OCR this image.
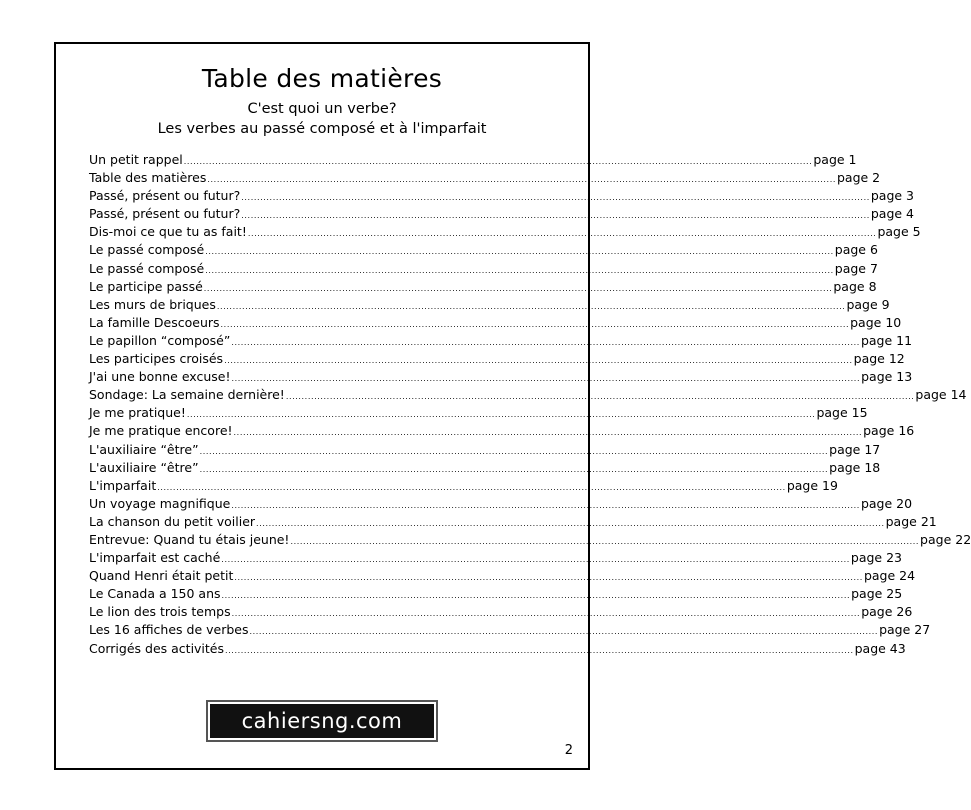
Table des matières
C'est quoi un verbe?
Les verbes au passé composé et à l'imparfait
Un petit rappel ........................................................................................................................................................................................................ page 1
Table des matières ........................................................................................................................................................................................................ page 2
Passé, présent ou futur? ........................................................................................................................................................................................................ page 3
Passé, présent ou futur? ........................................................................................................................................................................................................ page 4
Dis-moi ce que tu as fait! ........................................................................................................................................................................................................ page 5
Le passé composé ........................................................................................................................................................................................................ page 6
Le passé composé ........................................................................................................................................................................................................ page 7
Le participe passé ........................................................................................................................................................................................................ page 8
Les murs de briques ........................................................................................................................................................................................................ page 9
La famille Descoeurs ........................................................................................................................................................................................................ page 10
Le papillon “composé” ........................................................................................................................................................................................................ page 11
Les participes croisés ........................................................................................................................................................................................................ page 12
J'ai une bonne excuse! ........................................................................................................................................................................................................ page 13
Sondage: La semaine dernière! ........................................................................................................................................................................................................ page 14
Je me pratique! ........................................................................................................................................................................................................ page 15
Je me pratique encore! ........................................................................................................................................................................................................ page 16
L'auxiliaire “être” ........................................................................................................................................................................................................ page 17
L'auxiliaire “être” ........................................................................................................................................................................................................ page 18
L'imparfait ........................................................................................................................................................................................................ page 19
Un voyage magnifique ........................................................................................................................................................................................................ page 20
La chanson du petit voilier ........................................................................................................................................................................................................ page 21
Entrevue: Quand tu étais jeune! ........................................................................................................................................................................................................ page 22
L'imparfait est caché ........................................................................................................................................................................................................ page 23
Quand Henri était petit ........................................................................................................................................................................................................ page 24
Le Canada a 150 ans ........................................................................................................................................................................................................ page 25
Le lion des trois temps ........................................................................................................................................................................................................ page 26
Les 16 affiches de verbes ........................................................................................................................................................................................................ page 27
Corrigés des activités ........................................................................................................................................................................................................ page 43
cahiersng.com
2
